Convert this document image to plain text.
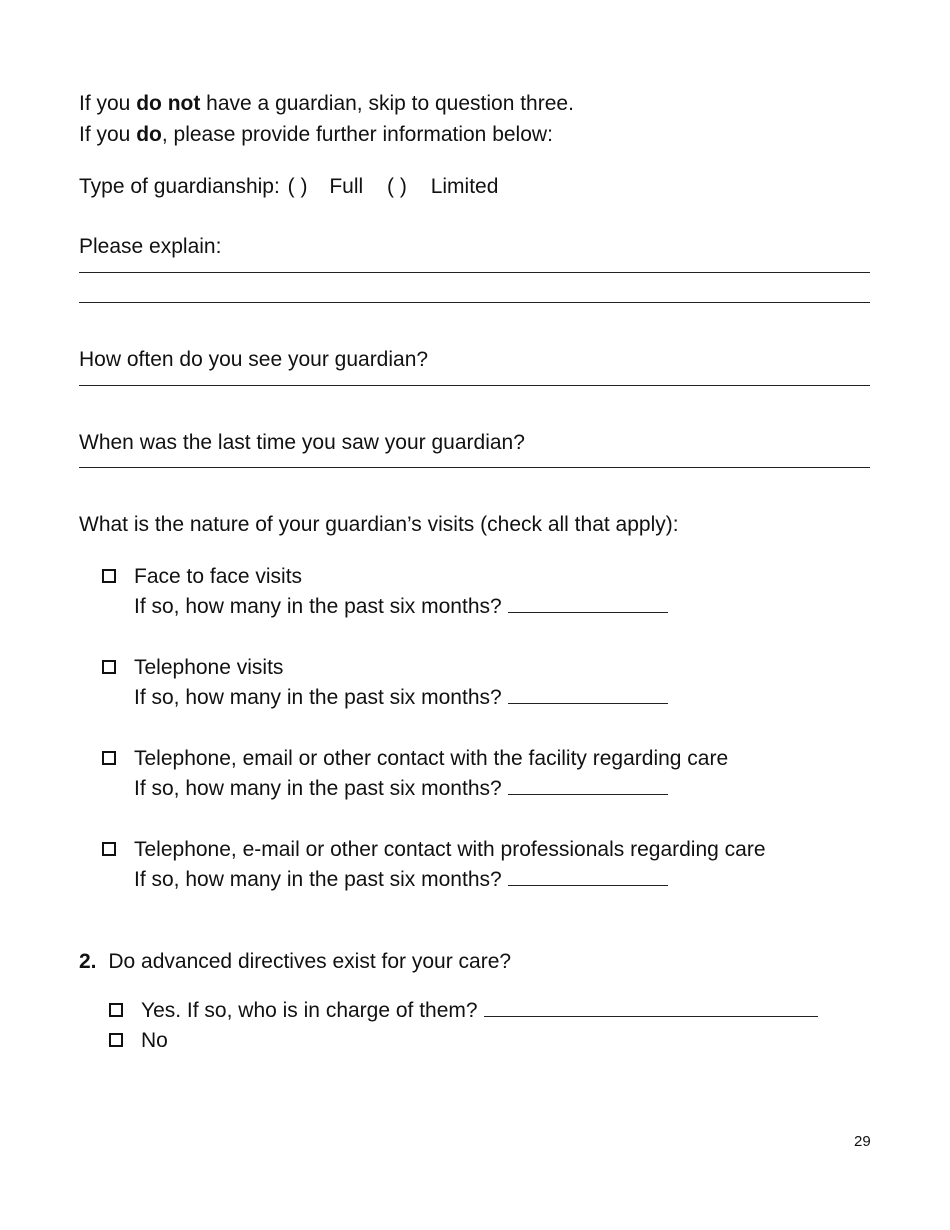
If you do not have a guardian, skip to question three.
If you do, please provide further information below:
Type of guardianship: ( ) Full ( ) Limited
Please explain:
How often do you see your guardian?
When was the last time you saw your guardian?
What is the nature of your guardian’s visits (check all that apply):
Face to face visits
If so, how many in the past six months?
Telephone visits
If so, how many in the past six months?
Telephone, email or other contact with the facility regarding care
If so, how many in the past six months?
Telephone, e-mail or other contact with professionals regarding care
If so, how many in the past six months?
2. Do advanced directives exist for your care?
Yes. If so, who is in charge of them?
No
29
